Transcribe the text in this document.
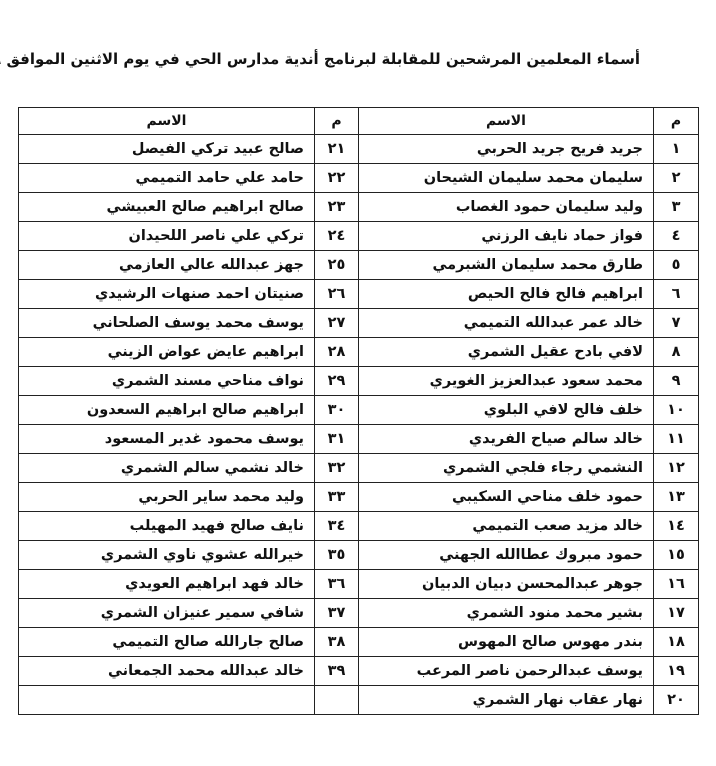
أسماء المعلمين المرشحين للمقابلة لبرنامج أندية مدارس الحي في يوم الاثنين الموافق
م	الاسم	م	الاسم
١	جريد فريح جريد الحربي	٢١	صالح عبيد تركي الفيصل
٢	سليمان محمد سليمان الشيحان	٢٢	حامد علي حامد التميمي
٣	وليد سليمان حمود الغصاب	٢٣	صالح ابراهيم صالح العبيشي
٤	فواز حماد نايف الرزني	٢٤	تركي علي ناصر اللحيدان
٥	طارق محمد سليمان الشبرمي	٢٥	جهز عبدالله عالي العازمي
٦	ابراهيم فالح فالح الحيص	٢٦	صنيتان احمد صنهات الرشيدي
٧	خالد عمر عبدالله التميمي	٢٧	يوسف محمد يوسف الصلحاني
٨	لافي بادح عقيل الشمري	٢٨	ابراهيم عايض عواض الزيني
٩	محمد سعود عبدالعزيز الغويري	٢٩	نواف مناحي مسند الشمري
١٠	خلف فالح لافي البلوي	٣٠	ابراهيم صالح ابراهيم السعدون
١١	خالد سالم صياح الفريدي	٣١	يوسف محمود غدير المسعود
١٢	النشمي رجاء فلجي الشمري	٣٢	خالد نشمي سالم الشمري
١٣	حمود خلف مناحي السكيبي	٣٣	وليد محمد ساير الحربي
١٤	خالد مزيد صعب التميمي	٣٤	نايف صالح فهيد المهيلب
١٥	حمود مبروك عطاالله الجهني	٣٥	خيرالله عشوي ناوي الشمري
١٦	جوهر عبدالمحسن دبيان الدبيان	٣٦	خالد فهد ابراهيم العويدي
١٧	بشير محمد منود الشمري	٣٧	شافي سمير عنيزان الشمري
١٨	بندر مهوس صالح المهوس	٣٨	صالح جارالله صالح التميمي
١٩	يوسف عبدالرحمن ناصر المرعب	٣٩	خالد عبدالله محمد الجمعاني
٢٠	نهار عقاب نهار الشمري		
